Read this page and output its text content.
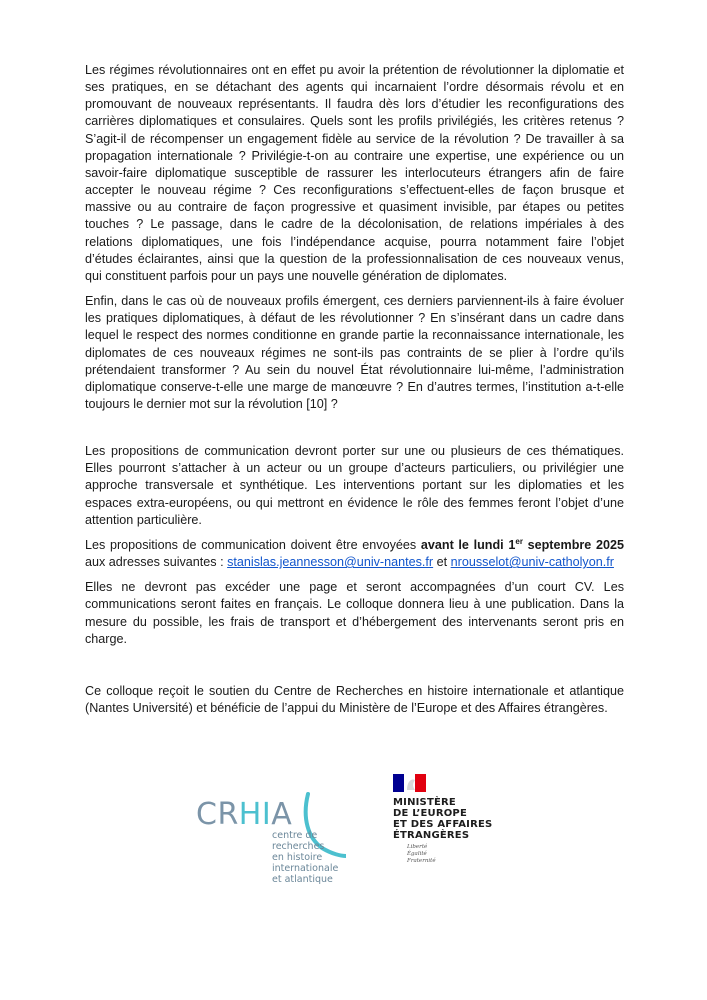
Les régimes révolutionnaires ont en effet pu avoir la prétention de révolutionner la diplomatie et ses pratiques, en se détachant des agents qui incarnaient l’ordre désormais révolu et en promouvant de nouveaux représentants. Il faudra dès lors d’étudier les reconfigurations des carrières diplomatiques et consulaires. Quels sont les profils privilégiés, les critères retenus ? S’agit-il de récompenser un engagement fidèle au service de la révolution ? De travailler à sa propagation internationale ? Privilégie-t-on au contraire une expertise, une expérience ou un savoir-faire diplomatique susceptible de rassurer les interlocuteurs étrangers afin de faire accepter le nouveau régime ? Ces reconfigurations s’effectuent-elles de façon brusque et massive ou au contraire de façon progressive et quasiment invisible, par étapes ou petites touches ? Le passage, dans le cadre de la décolonisation, de relations impériales à des relations diplomatiques, une fois l’indépendance acquise, pourra notamment faire l’objet d’études éclairantes, ainsi que la question de la professionnalisation de ces nouveaux venus, qui constituent parfois pour un pays une nouvelle génération de diplomates.

Enfin, dans le cas où de nouveaux profils émergent, ces derniers parviennent-ils à faire évoluer les pratiques diplomatiques, à défaut de les révolutionner ? En s’insérant dans un cadre dans lequel le respect des normes conditionne en grande partie la reconnaissance internationale, les diplomates de ces nouveaux régimes ne sont-ils pas contraints de se plier à l’ordre qu’ils prétendaient transformer ? Au sein du nouvel État révolutionnaire lui-même, l’administration diplomatique conserve-t-elle une marge de manœuvre ? En d’autres termes, l’institution a-t-elle toujours le dernier mot sur la révolution [10] ?

Les propositions de communication devront porter sur une ou plusieurs de ces thématiques. Elles pourront s’attacher à un acteur ou un groupe d’acteurs particuliers, ou privilégier une approche transversale et synthétique. Les interventions portant sur les diplomaties et les espaces extra-européens, ou qui mettront en évidence le rôle des femmes feront l’objet d’une attention particulière.

Les propositions de communication doivent être envoyées avant le lundi 1er septembre 2025 aux adresses suivantes : stanislas.jeannesson@univ-nantes.fr et nrousselot@univ-catholyon.fr

Elles ne devront pas excéder une page et seront accompagnées d’un court CV. Les communications seront faites en français. Le colloque donnera lieu à une publication. Dans la mesure du possible, les frais de transport et d’hébergement des intervenants seront pris en charge.

Ce colloque reçoit le soutien du Centre de Recherches en histoire internationale et atlantique (Nantes Université) et bénéficie de l’appui du Ministère de l’Europe et des Affaires étrangères.

CRHIA
centre de recherches
en histoire internationale
et atlantique
MINISTÈRE
DE L’EUROPE
ET DES AFFAIRES
ÉTRANGÈRES
Liberté
Égalité
Fraternité
